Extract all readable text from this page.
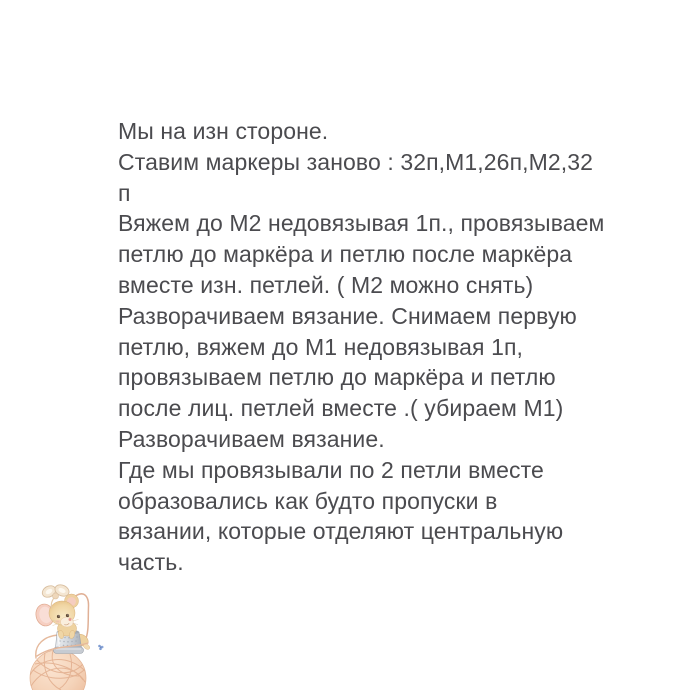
Мы на изн стороне.
Ставим маркеры заново : 32п,М1,26п,М2,32
п
Вяжем до М2 недовязывая 1п., провязываем
петлю до маркёра и петлю после маркёра
вместе изн. петлей. ( М2 можно снять)
Разворачиваем вязание. Снимаем первую
петлю, вяжем до М1 недовязывая 1п,
провязываем петлю до маркёра и петлю
после лиц. петлей вместе .( убираем М1)
Разворачиваем вязание.
Где мы провязывали по 2 петли вместе
образовались как будто пропуски в
вязании, которые отделяют центральную
часть.
